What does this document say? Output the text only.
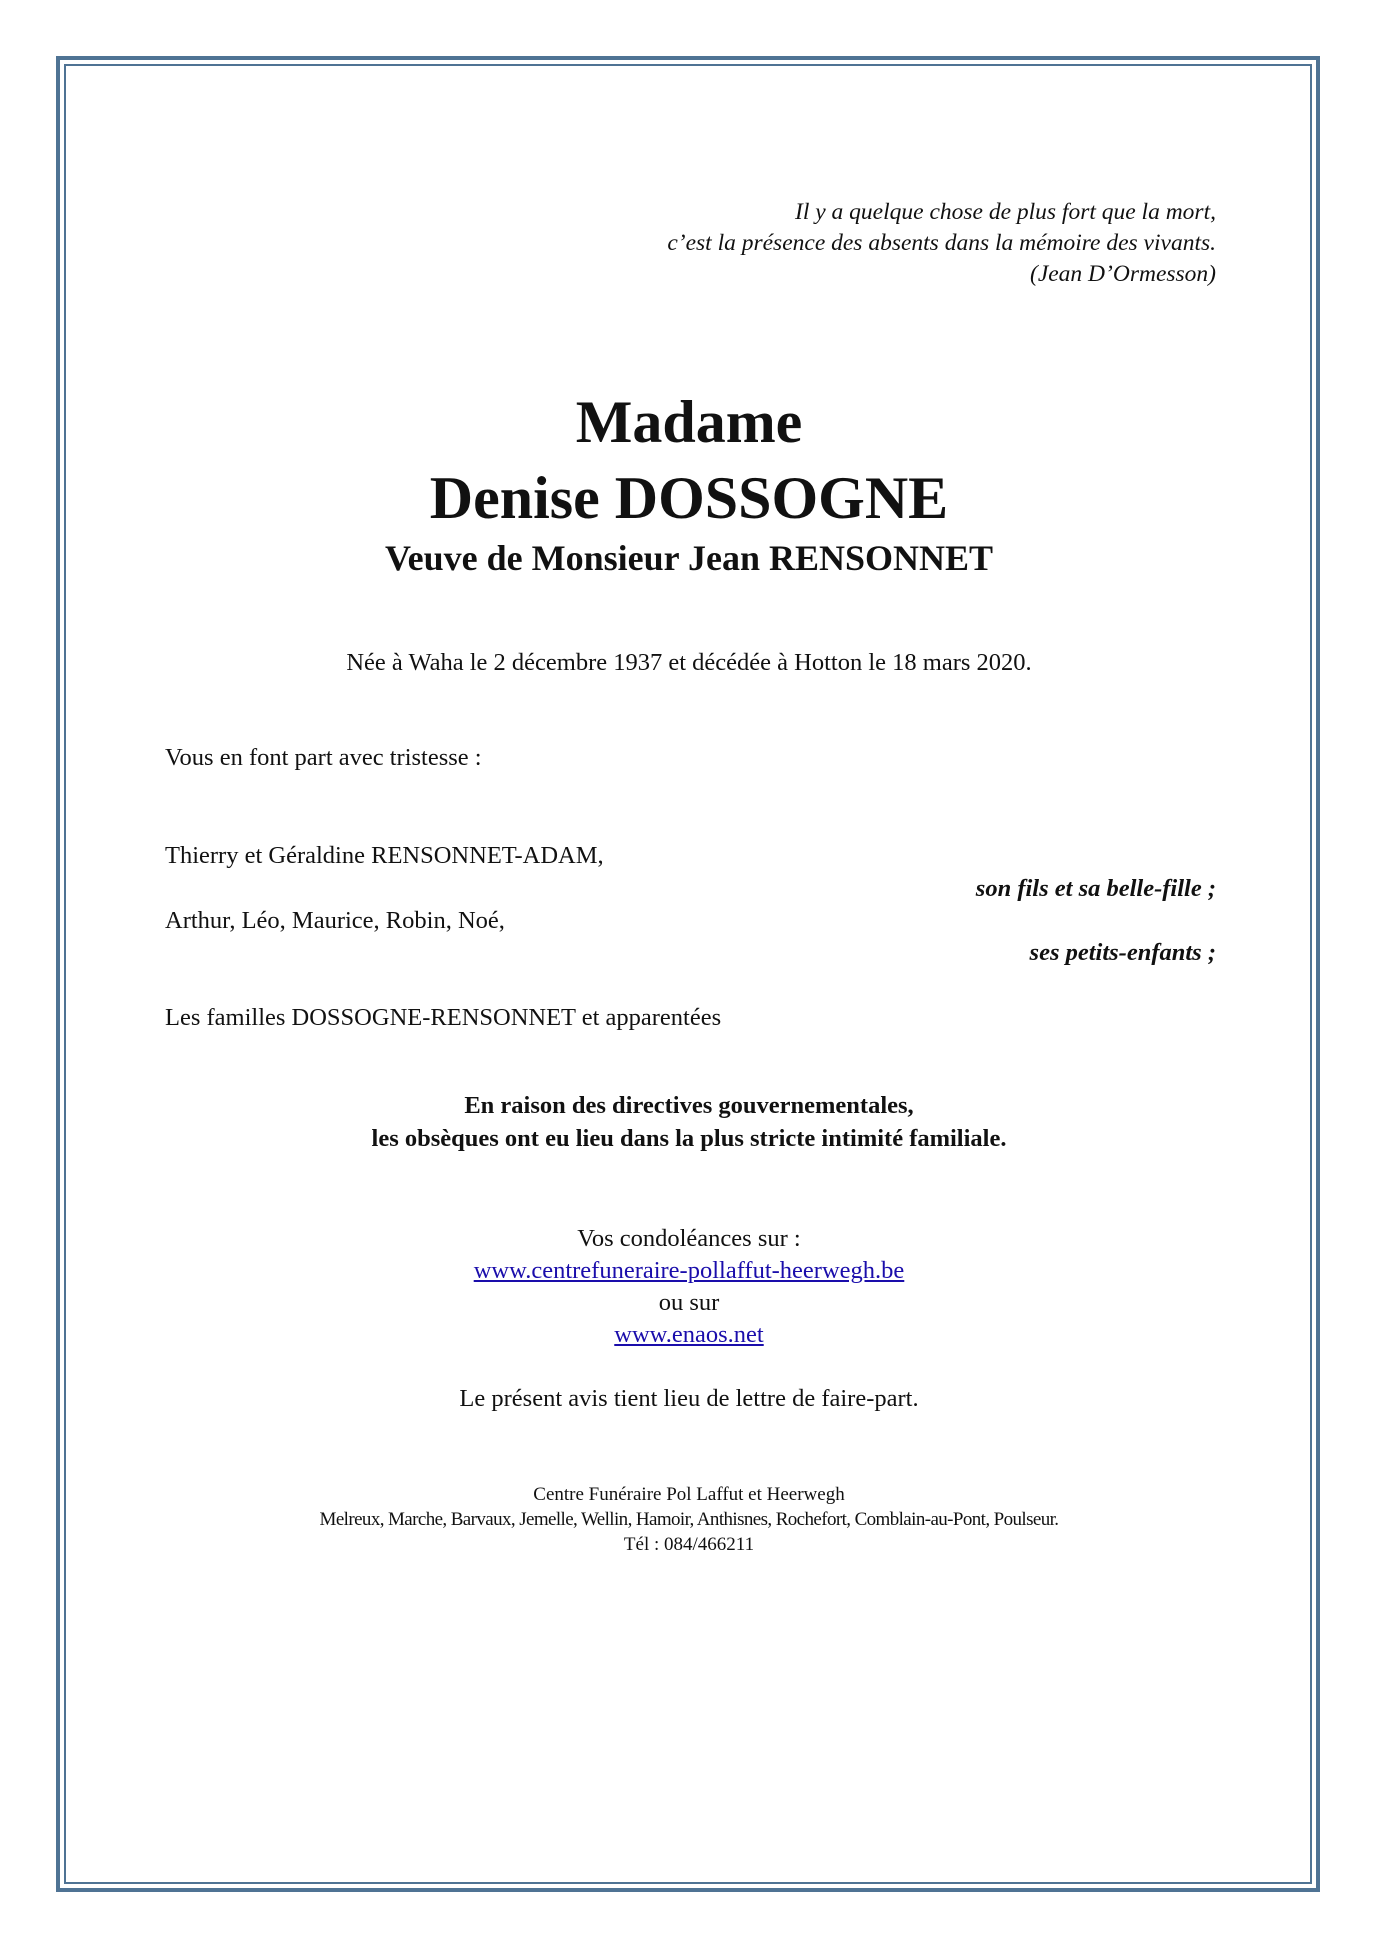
Il y a quelque chose de plus fort que la mort,
c’est la présence des absents dans la mémoire des vivants.
(Jean D’Ormesson)
Madame
Denise DOSSOGNE
Veuve de Monsieur Jean RENSONNET
Née à Waha le 2 décembre 1937 et décédée à Hotton le 18 mars 2020.
Vous en font part avec tristesse :
Thierry et Géraldine RENSONNET-ADAM,
son fils et sa belle-fille ;
Arthur, Léo, Maurice, Robin, Noé,
ses petits-enfants ;
Les familles DOSSOGNE-RENSONNET et apparentées
En raison des directives gouvernementales,
les obsèques ont eu lieu dans la plus stricte intimité familiale.
Vos condoléances sur :
www.centrefuneraire-pollaffut-heerwegh.be
ou sur
www.enaos.net
Le présent avis tient lieu de lettre de faire-part.
Centre Funéraire Pol Laffut et Heerwegh
Melreux, Marche, Barvaux, Jemelle, Wellin, Hamoir, Anthisnes, Rochefort, Comblain-au-Pont, Poulseur.
Tél : 084/466211
